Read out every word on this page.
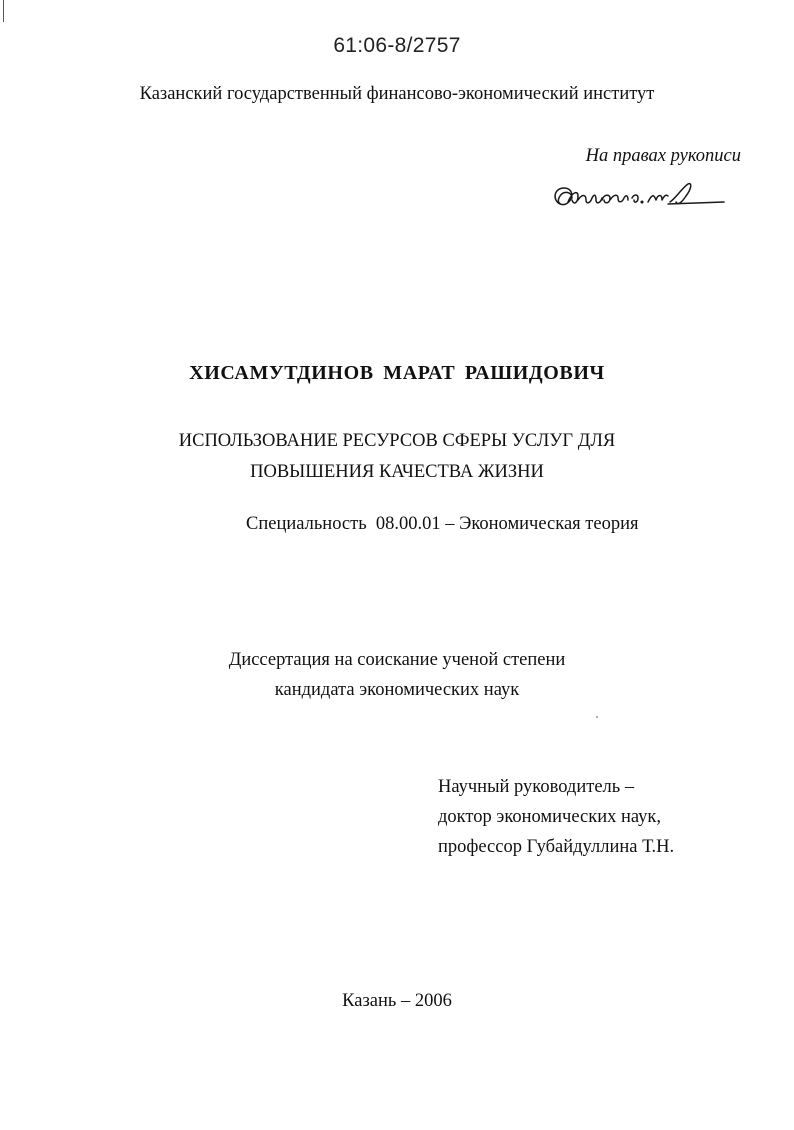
61:06-8/2757
Казанский государственный финансово-экономический институт
На правах рукописи
ХИСАМУТДИНОВ МАРАТ РАШИДОВИЧ
ИСПОЛЬЗОВАНИЕ РЕСУРСОВ СФЕРЫ УСЛУГ ДЛЯ
ПОВЫШЕНИЯ КАЧЕСТВА ЖИЗНИ
Специальность  08.00.01 – Экономическая теория
Диссертация на соискание ученой степени
кандидата экономических наук
Научный руководитель –
доктор экономических наук,
профессор Губайдуллина Т.Н.
Казань – 2006
